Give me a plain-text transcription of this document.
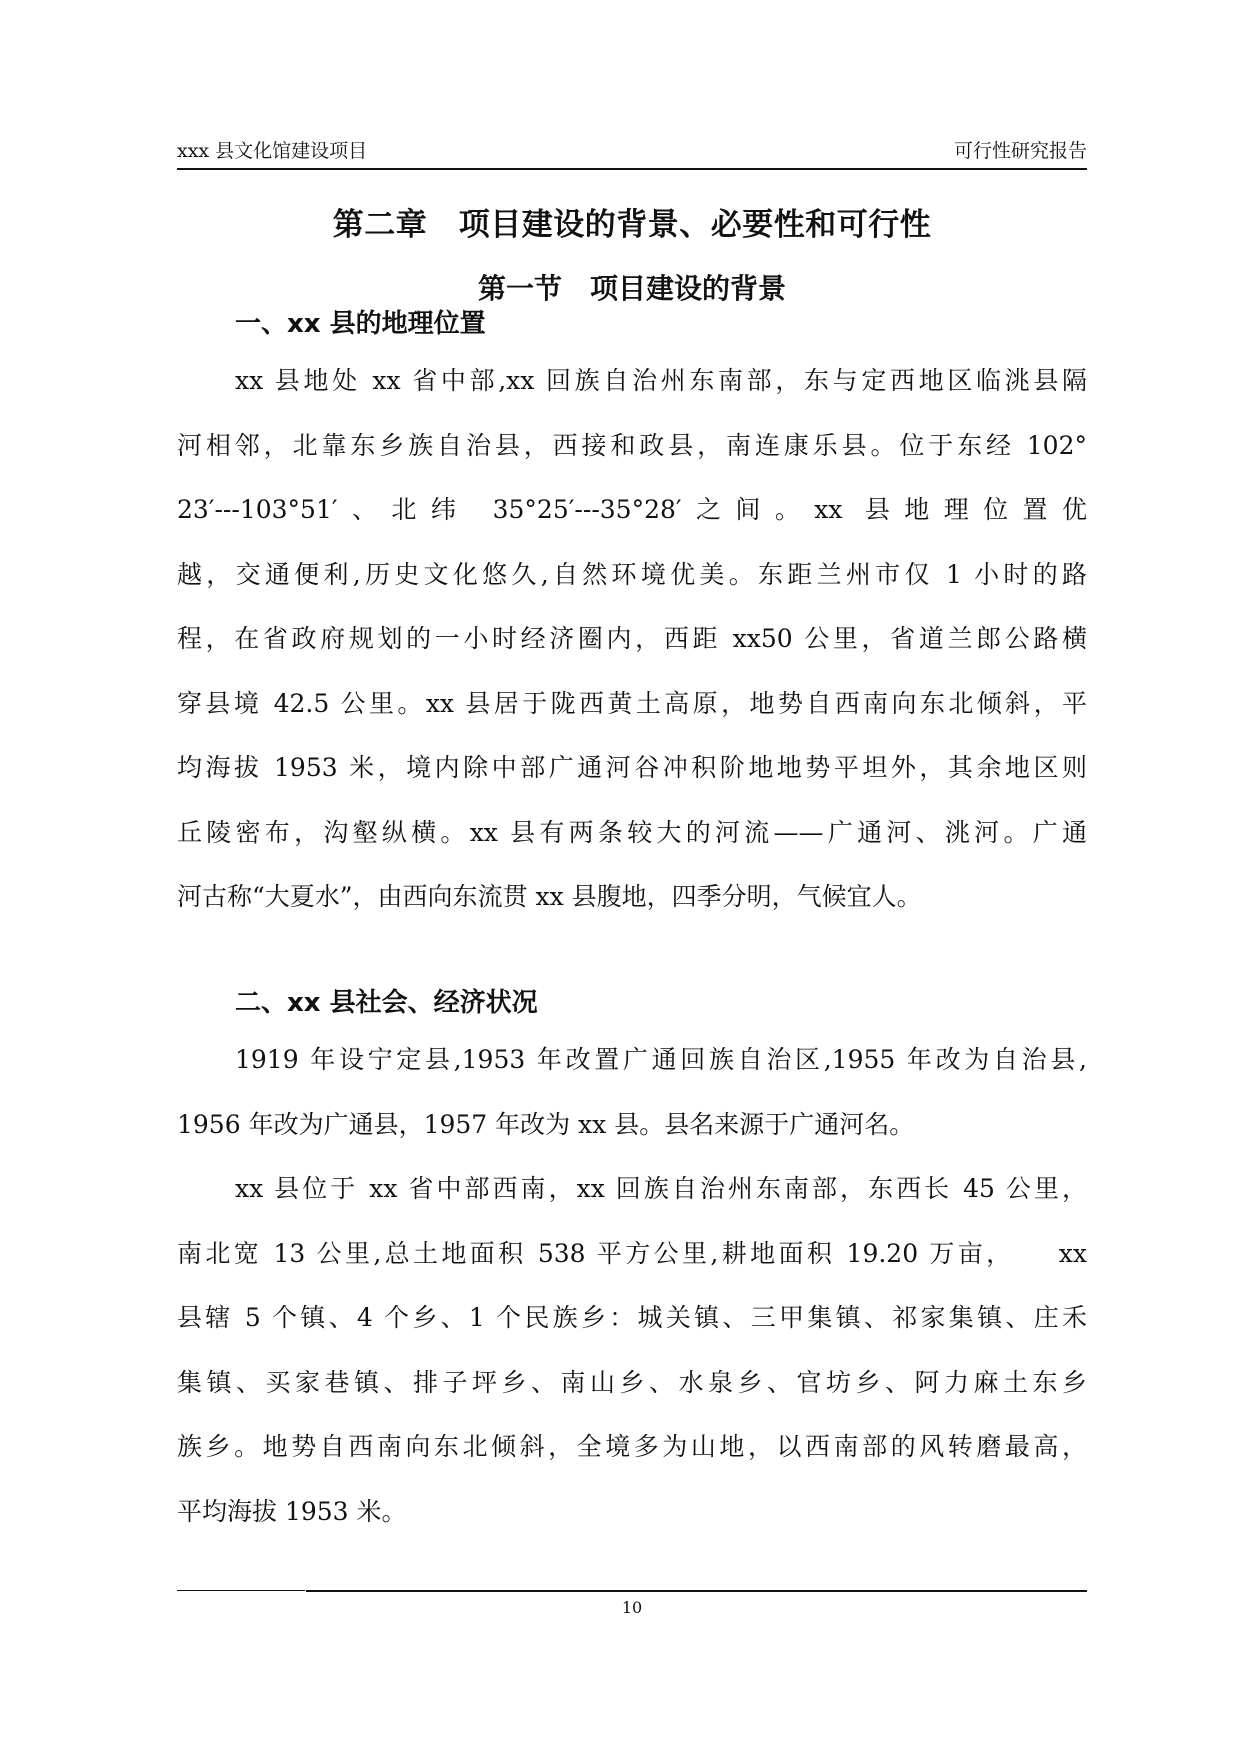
xxx 县文化馆建设项目	可行性研究报告
第二章　项目建设的背景、必要性和可行性
第一节　项目建设的背景
一、xx 县的地理位置
xx 县地处 xx 省中部,xx 回族自治州东南部，东与定西地区临洮县隔
河相邻，北靠东乡族自治县，西接和政县，南连康乐县。位于东经 102°
23′---103°51′、北纬 35°25′---35°28′之间。xx 县地理位置优
越，交通便利,历史文化悠久,自然环境优美。东距兰州市仅 1 小时的路
程，在省政府规划的一小时经济圈内，西距 xx50 公里，省道兰郎公路横
穿县境 42.5 公里。xx 县居于陇西黄土高原，地势自西南向东北倾斜，平
均海拔 1953 米，境内除中部广通河谷冲积阶地地势平坦外，其余地区则
丘陵密布，沟壑纵横。xx 县有两条较大的河流——广通河、洮河。广通
河古称“大夏水”，由西向东流贯 xx 县腹地，四季分明，气候宜人。
二、xx 县社会、经济状况
1919 年设宁定县,1953 年改置广通回族自治区,1955 年改为自治县,
1956 年改为广通县，1957 年改为 xx 县。县名来源于广通河名。
xx 县位于 xx 省中部西南，xx 回族自治州东南部，东西长 45 公里，
南北宽 13 公里,总土地面积 538 平方公里,耕地面积 19.20 万亩，　　xx
县辖 5 个镇、4 个乡、1 个民族乡：城关镇、三甲集镇、祁家集镇、庄禾
集镇、买家巷镇、排子坪乡、南山乡、水泉乡、官坊乡、阿力麻土东乡
族乡。地势自西南向东北倾斜，全境多为山地，以西南部的风转磨最高，
平均海拔 1953 米。
10
